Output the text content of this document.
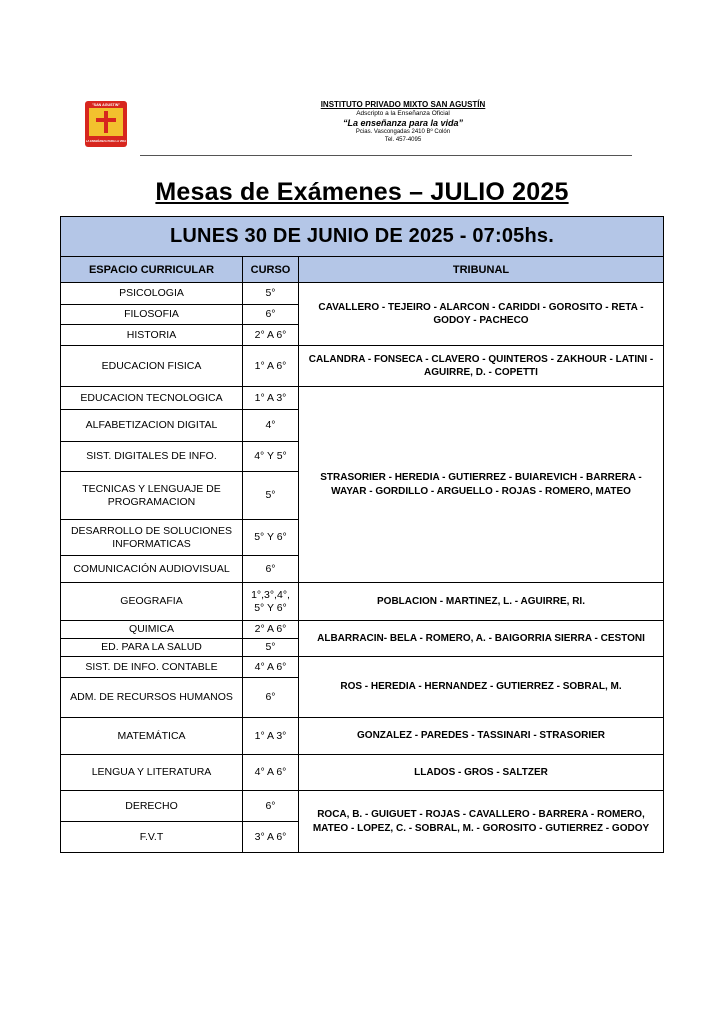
"SAN AGUSTIN"
LA ENSEÑANZA PARA LA VIDA
INSTITUTO PRIVADO MIXTO SAN AGUSTÍN
Adscripto a la Enseñanza Oficial
“La enseñanza para la vida”
Pcias. Vascongadas 2410 Bº Colón
Tel. 457-4095
Mesas de Exámenes – JULIO 2025
LUNES 30 DE JUNIO DE 2025 - 07:05hs.		
ESPACIO CURRICULAR	CURSO	TRIBUNAL
PSICOLOGIA	5°	CAVALLERO - TEJEIRO - ALARCON - CARIDDI - GOROSITO - RETA - GODOY - PACHECO
FILOSOFIA	6°	
HISTORIA	2° A 6°	
EDUCACION FISICA	1° A 6°	CALANDRA - FONSECA - CLAVERO - QUINTEROS - ZAKHOUR - LATINI - AGUIRRE, D. - COPETTI
EDUCACION TECNOLOGICA	1° A 3°	STRASORIER - HEREDIA - GUTIERREZ - BUIAREVICH - BARRERA - WAYAR - GORDILLO - ARGUELLO - ROJAS - ROMERO, MATEO
ALFABETIZACION DIGITAL	4°	
SIST. DIGITALES DE INFO.	4° Y 5°	
TECNICAS Y LENGUAJE DE PROGRAMACION	5°	
DESARROLLO DE SOLUCIONES INFORMATICAS	5° Y 6°	
COMUNICACIÓN AUDIOVISUAL	6°	
GEOGRAFIA	1°,3°,4°, 5° Y 6°	POBLACION - MARTINEZ, L. - AGUIRRE, RI.
QUIMICA	2° A 6°	ALBARRACIN- BELA - ROMERO, A. - BAIGORRIA SIERRA - CESTONI
ED. PARA LA SALUD	5°	
SIST. DE INFO. CONTABLE	4° A 6°	ROS - HEREDIA - HERNANDEZ - GUTIERREZ - SOBRAL, M.
ADM. DE RECURSOS HUMANOS	6°	
MATEMÁTICA	1° A 3°	GONZALEZ - PAREDES - TASSINARI - STRASORIER
LENGUA Y LITERATURA	4° A 6°	LLADOS - GROS - SALTZER
DERECHO	6°	ROCA, B. - GUIGUET - ROJAS - CAVALLERO - BARRERA - ROMERO, MATEO - LOPEZ, C. - SOBRAL, M. - GOROSITO - GUTIERREZ - GODOY
F.V.T	3° A 6°	
